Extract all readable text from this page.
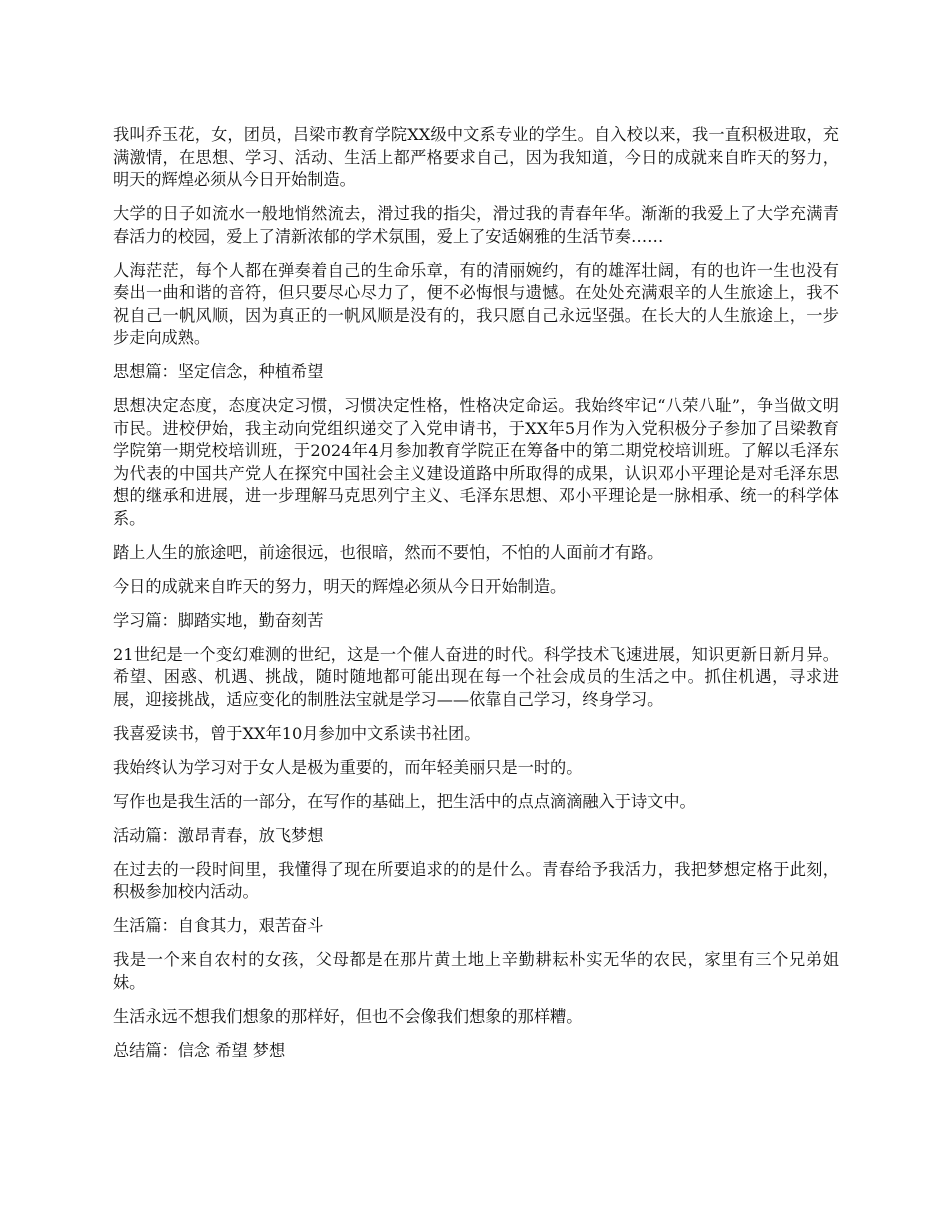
我叫乔玉花，女，团员，吕梁市教育学院XX级中文系专业的学生。自入校以来，我一直积极进取，充满激情，在思想、学习、活动、生活上都严格要求自己，因为我知道，今日的成就来自昨天的努力，明天的辉煌必须从今日开始制造。

大学的日子如流水一般地悄然流去，滑过我的指尖，滑过我的青春年华。渐渐的我爱上了大学充满青春活力的校园，爱上了清新浓郁的学术氛围，爱上了安适娴雅的生活节奏……

人海茫茫，每个人都在弹奏着自己的生命乐章，有的清丽婉约，有的雄浑壮阔，有的也许一生也没有奏出一曲和谐的音符，但只要尽心尽力了，便不必悔恨与遗憾。在处处充满艰辛的人生旅途上，我不祝自己一帆风顺，因为真正的一帆风顺是没有的，我只愿自己永远坚强。在长大的人生旅途上，一步步走向成熟。

思想篇：坚定信念，种植希望

思想决定态度，态度决定习惯，习惯决定性格，性格决定命运。我始终牢记“八荣八耻”，争当做文明市民。进校伊始，我主动向党组织递交了入党申请书，于XX年5月作为入党积极分子参加了吕梁教育学院第一期党校培训班，于2024年4月参加教育学院正在筹备中的第二期党校培训班。了解以毛泽东为代表的中国共产党人在探究中国社会主义建设道路中所取得的成果，认识邓小平理论是对毛泽东思想的继承和进展，进一步理解马克思列宁主义、毛泽东思想、邓小平理论是一脉相承、统一的科学体系。

踏上人生的旅途吧，前途很远，也很暗，然而不要怕，不怕的人面前才有路。

今日的成就来自昨天的努力，明天的辉煌必须从今日开始制造。

学习篇：脚踏实地，勤奋刻苦

21世纪是一个变幻难测的世纪，这是一个催人奋进的时代。科学技术飞速进展，知识更新日新月异。希望、困惑、机遇、挑战，随时随地都可能出现在每一个社会成员的生活之中。抓住机遇，寻求进展，迎接挑战，适应变化的制胜法宝就是学习——依靠自己学习，终身学习。

我喜爱读书，曾于XX年10月参加中文系读书社团。

我始终认为学习对于女人是极为重要的，而年轻美丽只是一时的。

写作也是我生活的一部分，在写作的基础上，把生活中的点点滴滴融入于诗文中。

活动篇：激昂青春，放飞梦想

在过去的一段时间里，我懂得了现在所要追求的的是什么。青春给予我活力，我把梦想定格于此刻，积极参加校内活动。

生活篇：自食其力，艰苦奋斗

我是一个来自农村的女孩，父母都是在那片黄土地上辛勤耕耘朴实无华的农民，家里有三个兄弟姐妹。

生活永远不想我们想象的那样好，但也不会像我们想象的那样糟。

总结篇：信念 希望 梦想
